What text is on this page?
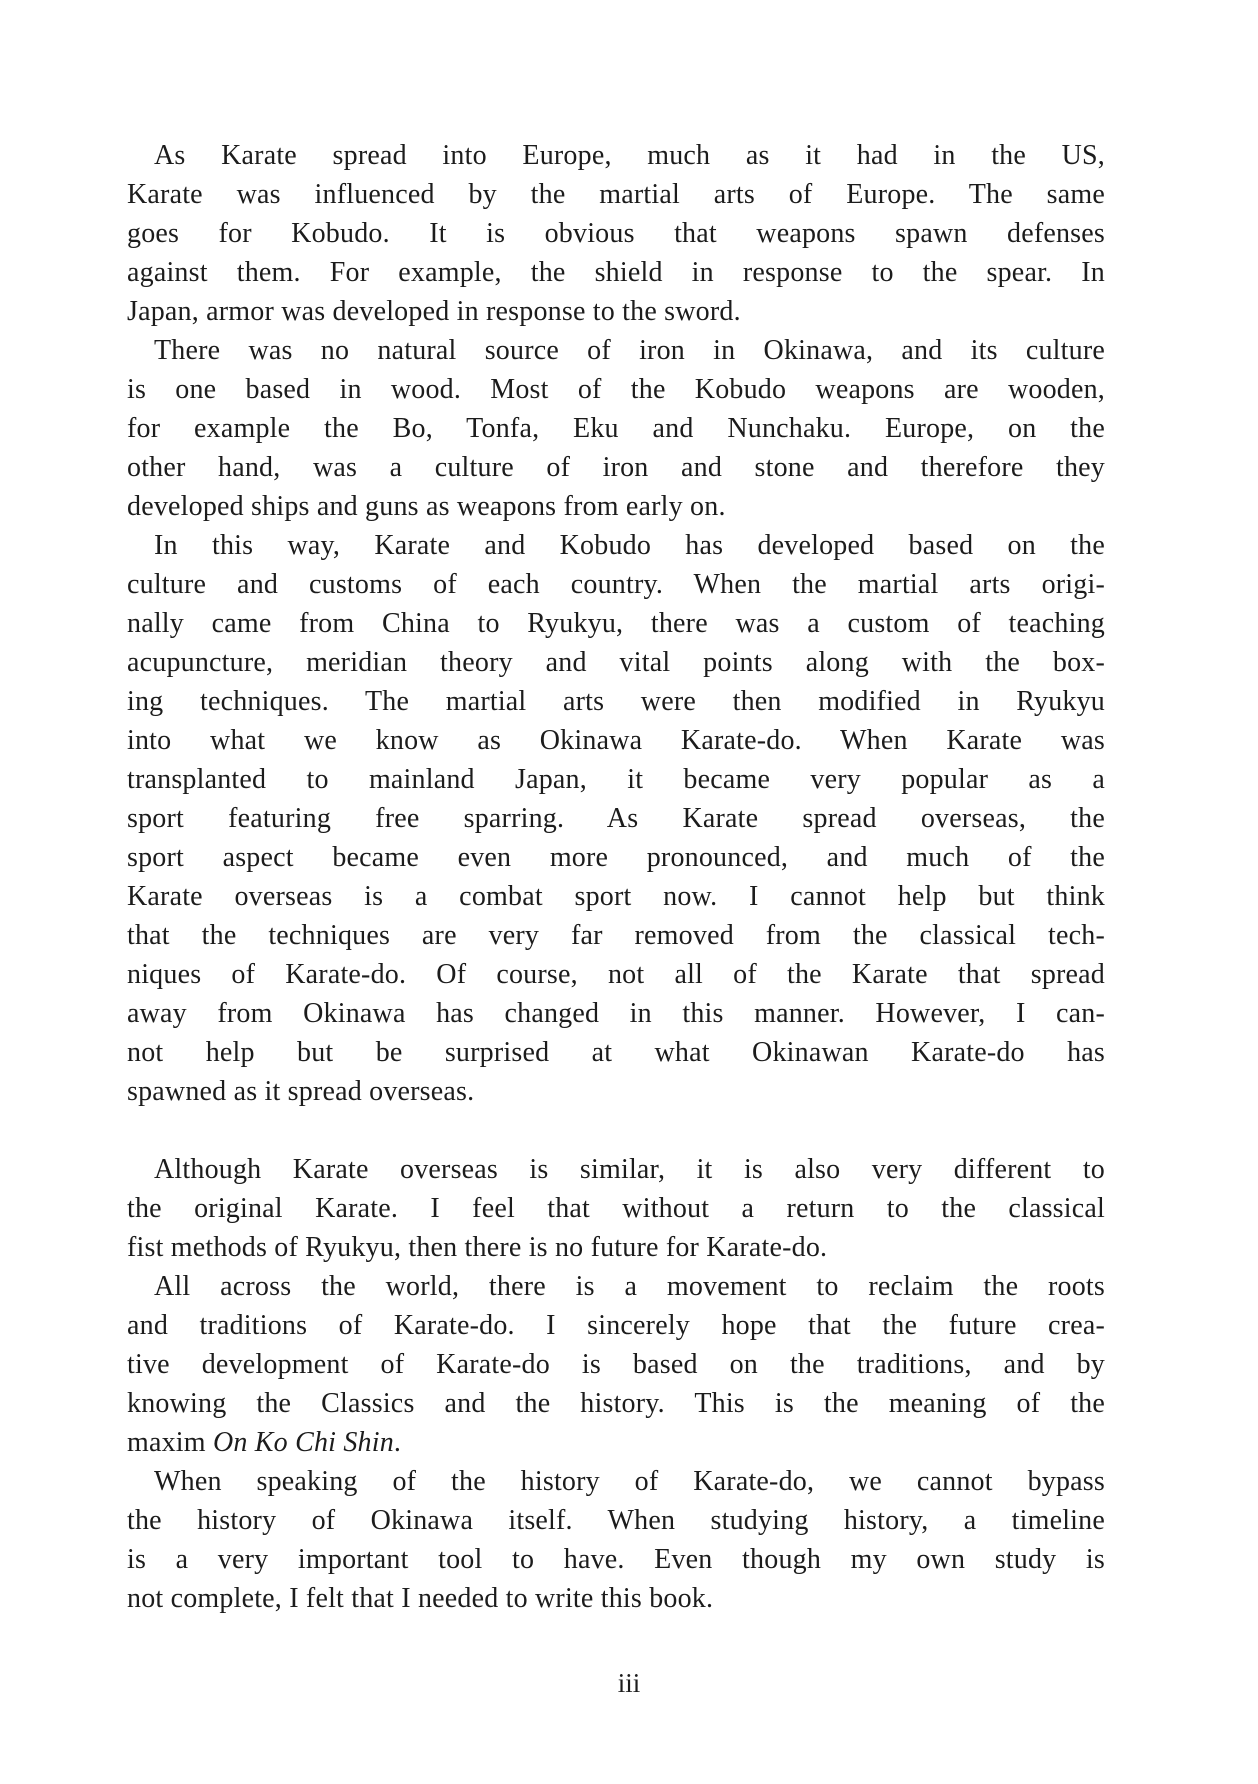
As Karate spread into Europe, much as it had in the US,
Karate was influenced by the martial arts of Europe. The same
goes for Kobudo. It is obvious that weapons spawn defenses
against them. For example, the shield in response to the spear. In
Japan, armor was developed in response to the sword.
There was no natural source of iron in Okinawa, and its culture
is one based in wood. Most of the Kobudo weapons are wooden,
for example the Bo, Tonfa, Eku and Nunchaku. Europe, on the
other hand, was a culture of iron and stone and therefore they
developed ships and guns as weapons from early on.
In this way, Karate and Kobudo has developed based on the
culture and customs of each country. When the martial arts origi-
nally came from China to Ryukyu, there was a custom of teaching
acupuncture, meridian theory and vital points along with the box-
ing techniques. The martial arts were then modified in Ryukyu
into what we know as Okinawa Karate-do. When Karate was
transplanted to mainland Japan, it became very popular as a
sport featuring free sparring. As Karate spread overseas, the
sport aspect became even more pronounced, and much of the
Karate overseas is a combat sport now. I cannot help but think
that the techniques are very far removed from the classical tech-
niques of Karate-do. Of course, not all of the Karate that spread
away from Okinawa has changed in this manner. However, I can-
not help but be surprised at what Okinawan Karate-do has
spawned as it spread overseas.
Although Karate overseas is similar, it is also very different to
the original Karate. I feel that without a return to the classical
fist methods of Ryukyu, then there is no future for Karate-do.
All across the world, there is a movement to reclaim the roots
and traditions of Karate-do. I sincerely hope that the future crea-
tive development of Karate-do is based on the traditions, and by
knowing the Classics and the history. This is the meaning of the
maxim On Ko Chi Shin.
When speaking of the history of Karate-do, we cannot bypass
the history of Okinawa itself. When studying history, a timeline
is a very important tool to have. Even though my own study is
not complete, I felt that I needed to write this book.
iii
